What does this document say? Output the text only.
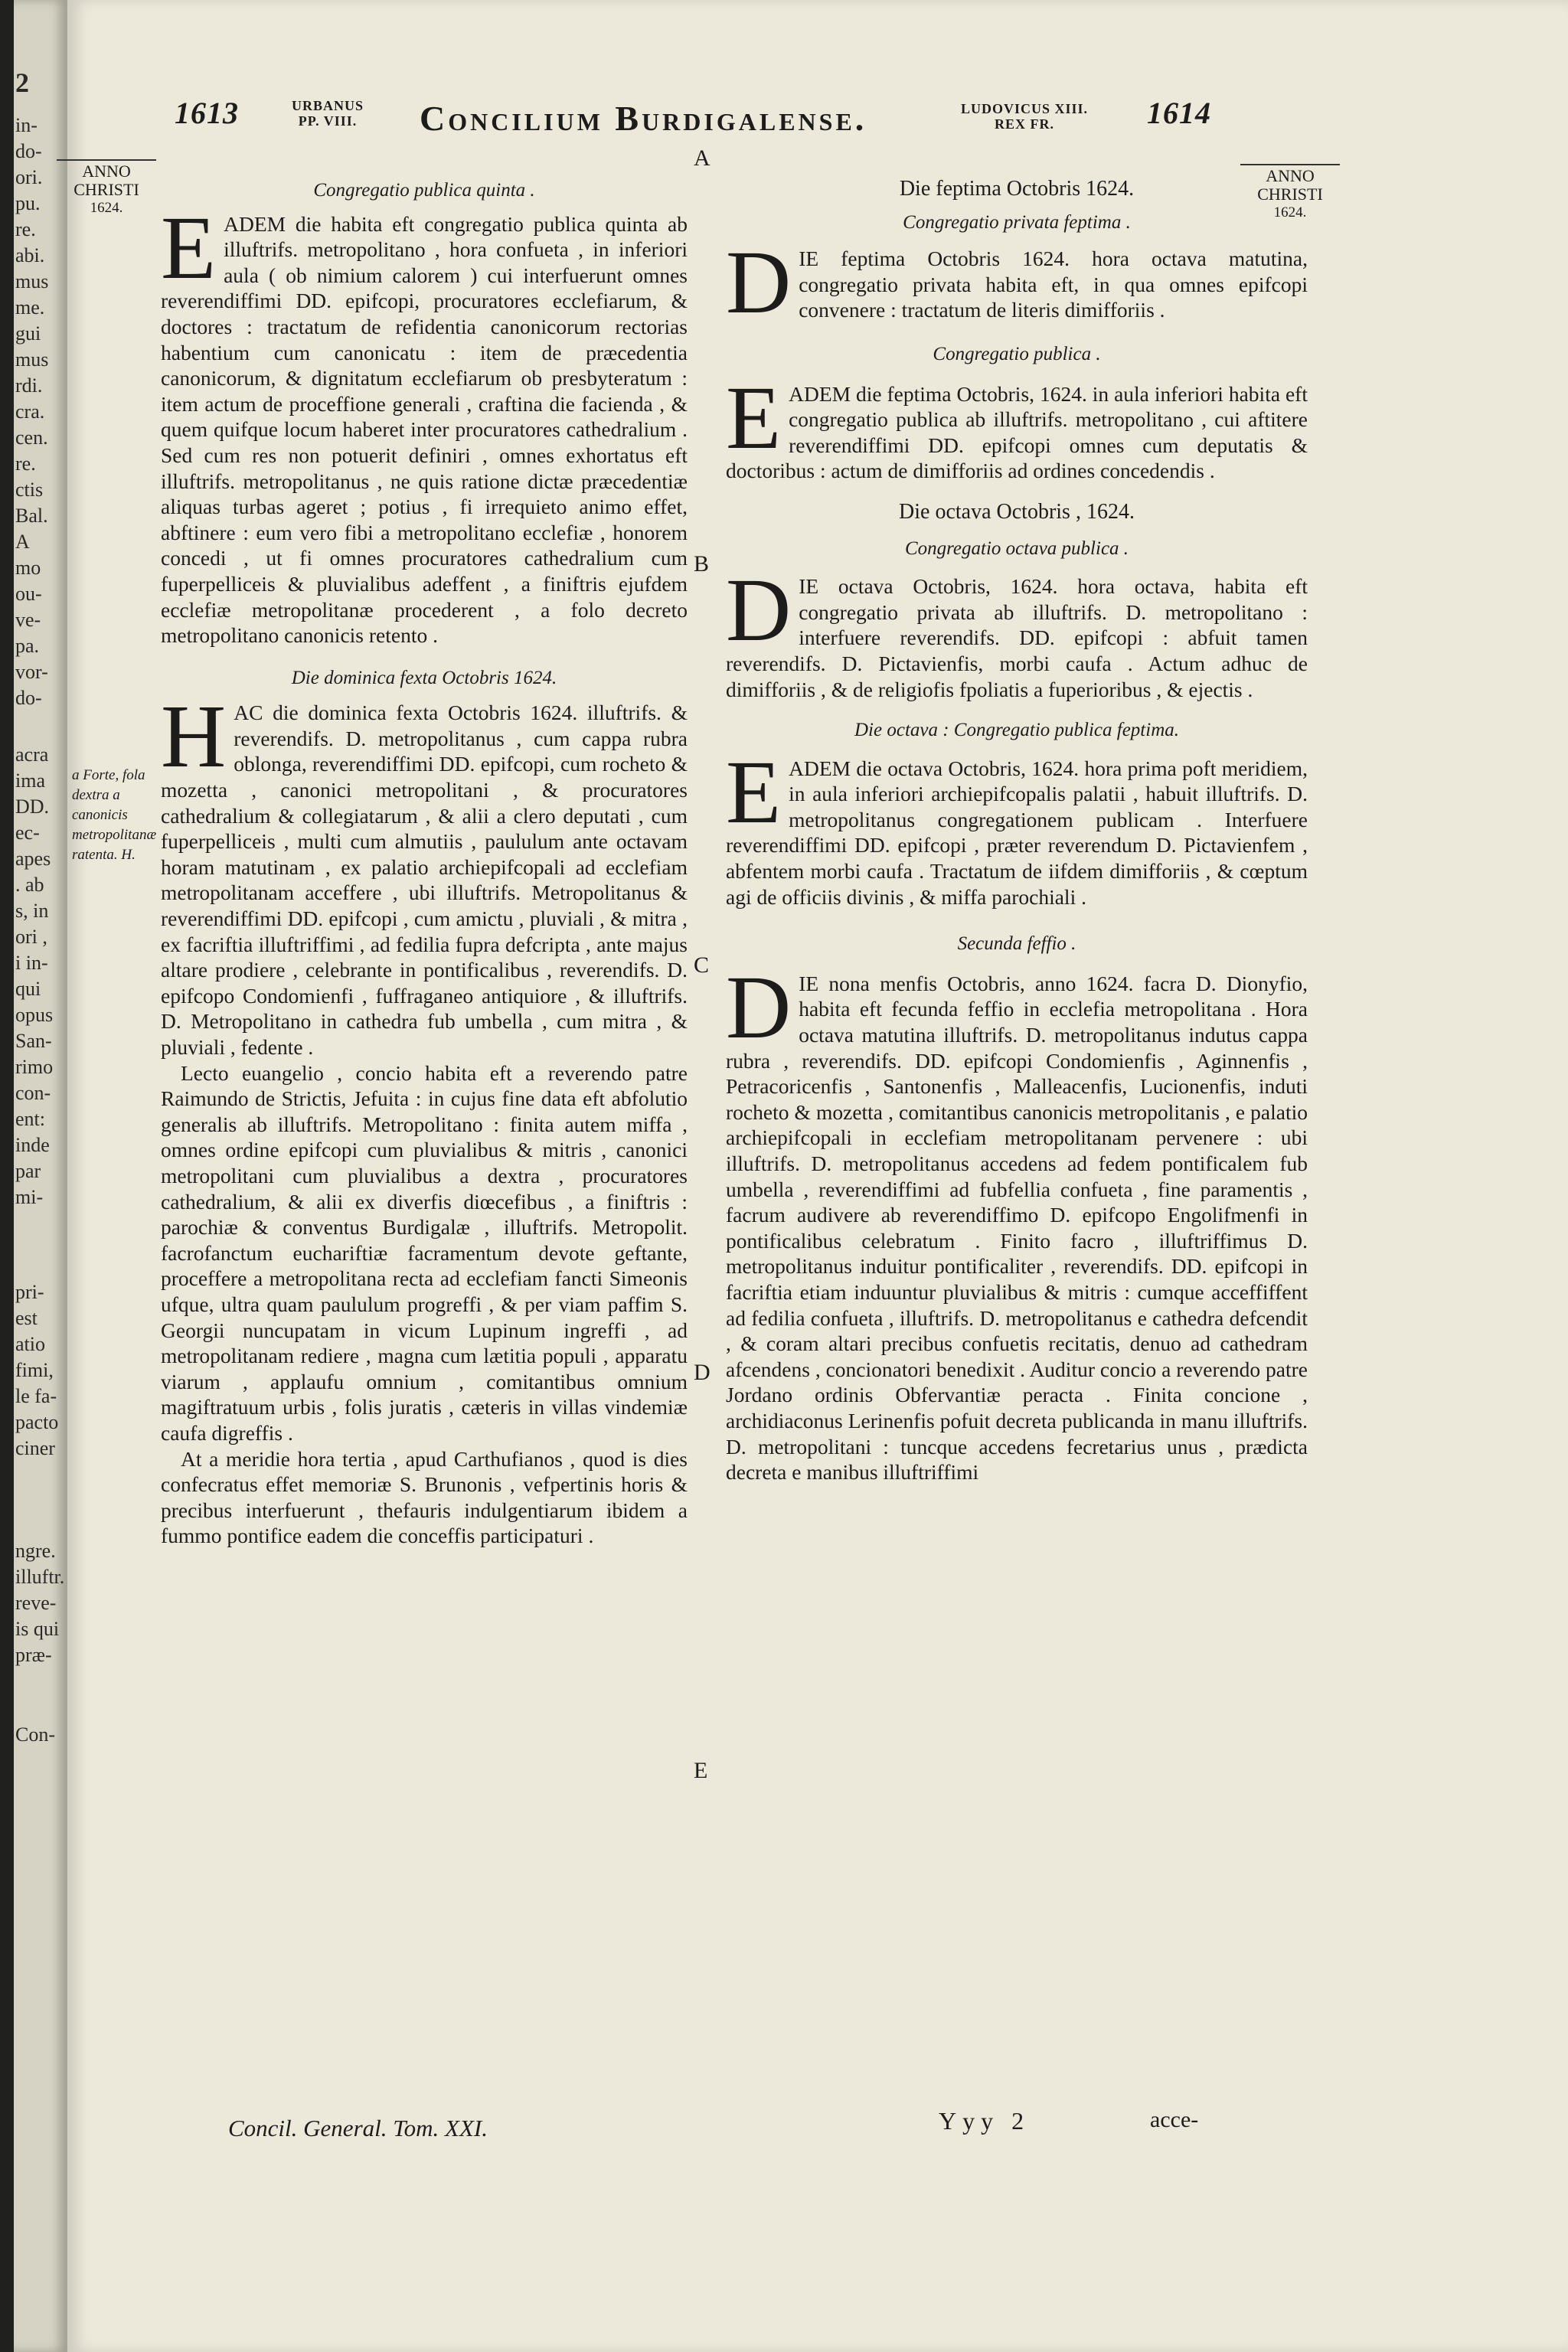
2
in-
do-
ori.
pu.
re.
abi.
mus
me.
gui
mus
rdi.
cra.
cen.
re.
ctis
Bal.
A
mo
ou-
ve-
pa.
vor-
do-
acra
ima
DD.
ec-
apes
. ab
s, in
ori ,
i in-
qui
opus
San-
rimo
con-
ent:
inde
par
mi-
pri-
est
atio
fimi,
le fa-
pacto
ciner
ngre.
illuftr.
reve-
is qui
præ-
Con-
1613	URBANUS
PP. VIII.	Concilium Burdigalense.	LUDOVICUS XIII.
REX FR.	1614
ANNO
CHRISTI
1624.
ANNO
CHRISTI
1624.
A
B
C
D
E
a Forte, fola dextra a canonicis metropolitanæ ratenta. H.

Congregatio publica quinta .

EADEM die habita eft congregatio publica quinta ab illuftrifs. metropolitano , hora confueta , in inferiori aula ( ob nimium calorem ) cui interfuerunt omnes reverendiffimi DD. epifcopi, procuratores ecclefiarum, & doctores : tractatum de refidentia canonicorum rectorias habentium cum canonicatu : item de præcedentia canonicorum, & dignitatum ecclefiarum ob presbyteratum : item actum de proceffione generali , craftina die facienda , & quem quifque locum haberet inter procuratores cathedralium . Sed cum res non potuerit definiri , omnes exhortatus eft illuftrifs. metropolitanus , ne quis ratione dictæ præcedentiæ aliquas turbas ageret ; potius , fi irrequieto animo effet, abftinere : eum vero fibi a metropolitano ecclefiæ , honorem concedi , ut fi omnes procuratores cathedralium cum fuperpelliceis & pluvialibus adeffent , a finiftris ejufdem ecclefiæ metropolitanæ procederent , a folo decreto metropolitano canonicis retento .

Die dominica fexta Octobris 1624.

HAC die dominica fexta Octobris 1624. illuftrifs. & reverendifs. D. metropolitanus , cum cappa rubra oblonga, reverendiffimi DD. epifcopi, cum rocheto & mozetta , canonici metropolitani , & procuratores cathedralium & collegiatarum , & alii a clero deputati , cum fuperpelliceis , multi cum almutiis , paululum ante octavam horam matutinam , ex palatio archiepifcopali ad ecclefiam metropolitanam acceffere , ubi illuftrifs. Metropolitanus & reverendiffimi DD. epifcopi , cum amictu , pluviali , & mitra , ex facriftia illuftriffimi , ad fedilia fupra defcripta , ante majus altare prodiere , celebrante in pontificalibus , reverendifs. D. epifcopo Condomienfi , fuffraganeo antiquiore , & illuftrifs. D. Metropolitano in cathedra fub umbella , cum mitra , & pluviali , fedente .

Lecto euangelio , concio habita eft a reverendo patre Raimundo de Strictis, Jefuita : in cujus fine data eft abfolutio generalis ab illuftrifs. Metropolitano : finita autem miffa , omnes ordine epifcopi cum pluvialibus & mitris , canonici metropolitani cum pluvialibus a dextra , procuratores cathedralium, & alii ex diverfis diœcefibus , a finiftris : parochiæ & conventus Burdigalæ , illuftrifs. Metropolit. facrofanctum euchariftiæ facramentum devote geftante, proceffere a metropolitana recta ad ecclefiam fancti Simeonis ufque, ultra quam paululum progreffi , & per viam paffim S. Georgii nuncupatam in vicum Lupinum ingreffi , ad metropolitanam rediere , magna cum lætitia populi , apparatu viarum , applaufu omnium , comitantibus omnium magiftratuum urbis , folis juratis , cæteris in villas vindemiæ caufa digreffis .

At a meridie hora tertia , apud Carthufianos , quod is dies confecratus effet memoriæ S. Brunonis , vefpertinis horis & precibus interfuerunt , thefauris indulgentiarum ibidem a fummo pontifice eadem die conceffis participaturi .

Die feptima Octobris 1624.

Congregatio privata feptima .

DIE feptima Octobris 1624. hora octava matutina, congregatio privata habita eft, in qua omnes epifcopi convenere : tractatum de literis dimifforiis .

Congregatio publica .

EADEM die feptima Octobris, 1624. in aula inferiori habita eft congregatio publica ab illuftrifs. metropolitano , cui aftitere reverendiffimi DD. epifcopi omnes cum deputatis & doctoribus : actum de dimifforiis ad ordines concedendis .

Die octava Octobris , 1624.

Congregatio octava publica .

DIE octava Octobris, 1624. hora octava, habita eft congregatio privata ab illuftrifs. D. metropolitano : interfuere reverendifs. DD. epifcopi : abfuit tamen reverendifs. D. Pictavienfis, morbi caufa . Actum adhuc de dimifforiis , & de religiofis fpoliatis a fuperioribus , & ejectis .

Die octava : Congregatio publica feptima.

EADEM die octava Octobris, 1624. hora prima poft meridiem, in aula inferiori archiepifcopalis palatii , habuit illuftrifs. D. metropolitanus congregationem publicam . Interfuere reverendiffimi DD. epifcopi , præter reverendum D. Pictavienfem , abfentem morbi caufa . Tractatum de iifdem dimifforiis , & cœptum agi de officiis divinis , & miffa parochiali .

Secunda feffio .

DIE nona menfis Octobris, anno 1624. facra D. Dionyfio, habita eft fecunda feffio in ecclefia metropolitana . Hora octava matutina illuftrifs. D. metropolitanus indutus cappa rubra , reverendifs. DD. epifcopi Condomienfis , Aginnenfis , Petracoricenfis , Santonenfis , Malleacenfis, Lucionenfis, induti rocheto & mozetta , comitantibus canonicis metropolitanis , e palatio archiepifcopali in ecclefiam metropolitanam pervenere : ubi illuftrifs. D. metropolitanus accedens ad fedem pontificalem fub umbella , reverendiffimi ad fubfellia confueta , fine paramentis , facrum audivere ab reverendiffimo D. epifcopo Engolifmenfi in pontificalibus celebratum . Finito facro , illuftriffimus D. metropolitanus induitur pontificaliter , reverendifs. DD. epifcopi in facriftia etiam induuntur pluvialibus & mitris : cumque acceffiffent ad fedilia confueta , illuftrifs. D. metropolitanus e cathedra defcendit , & coram altari precibus confuetis recitatis, denuo ad cathedram afcendens , concionatori benedixit . Auditur concio a reverendo patre Jordano ordinis Obfervantiæ peracta . Finita concione , archidiaconus Lerinenfis pofuit decreta publicanda in manu illuftrifs. D. metropolitani : tuncque accedens fecretarius unus , prædicta decreta e manibus illuftriffimi

Concil. General. Tom. XXI.	Yyy 2	acce-
